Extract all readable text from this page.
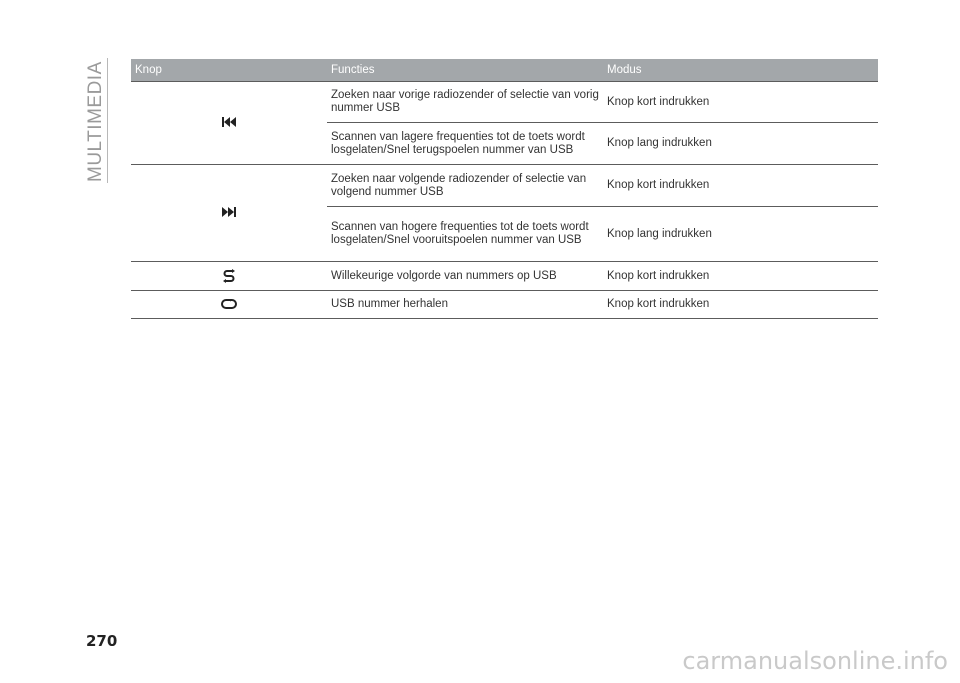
MULTIMEDIA	Knop	Functies	Modus
	Zoeken naar vorige radiozender of selectie van vorig nummer USB	Knop kort indrukken
	Scannen van lagere frequenties tot de toets wordt losgelaten/Snel terugspoelen nummer van USB	Knop lang indrukken
	Zoeken naar volgende radiozender of selectie van volgend nummer USB	Knop kort indrukken
	Scannen van hogere frequenties tot de toets wordt losgelaten/Snel vooruitspoelen nummer van USB	Knop lang indrukken
	Willekeurige volgorde van nummers op USB	Knop kort indrukken
	USB nummer herhalen	Knop kort indrukken
270
carmanualsonline.info
